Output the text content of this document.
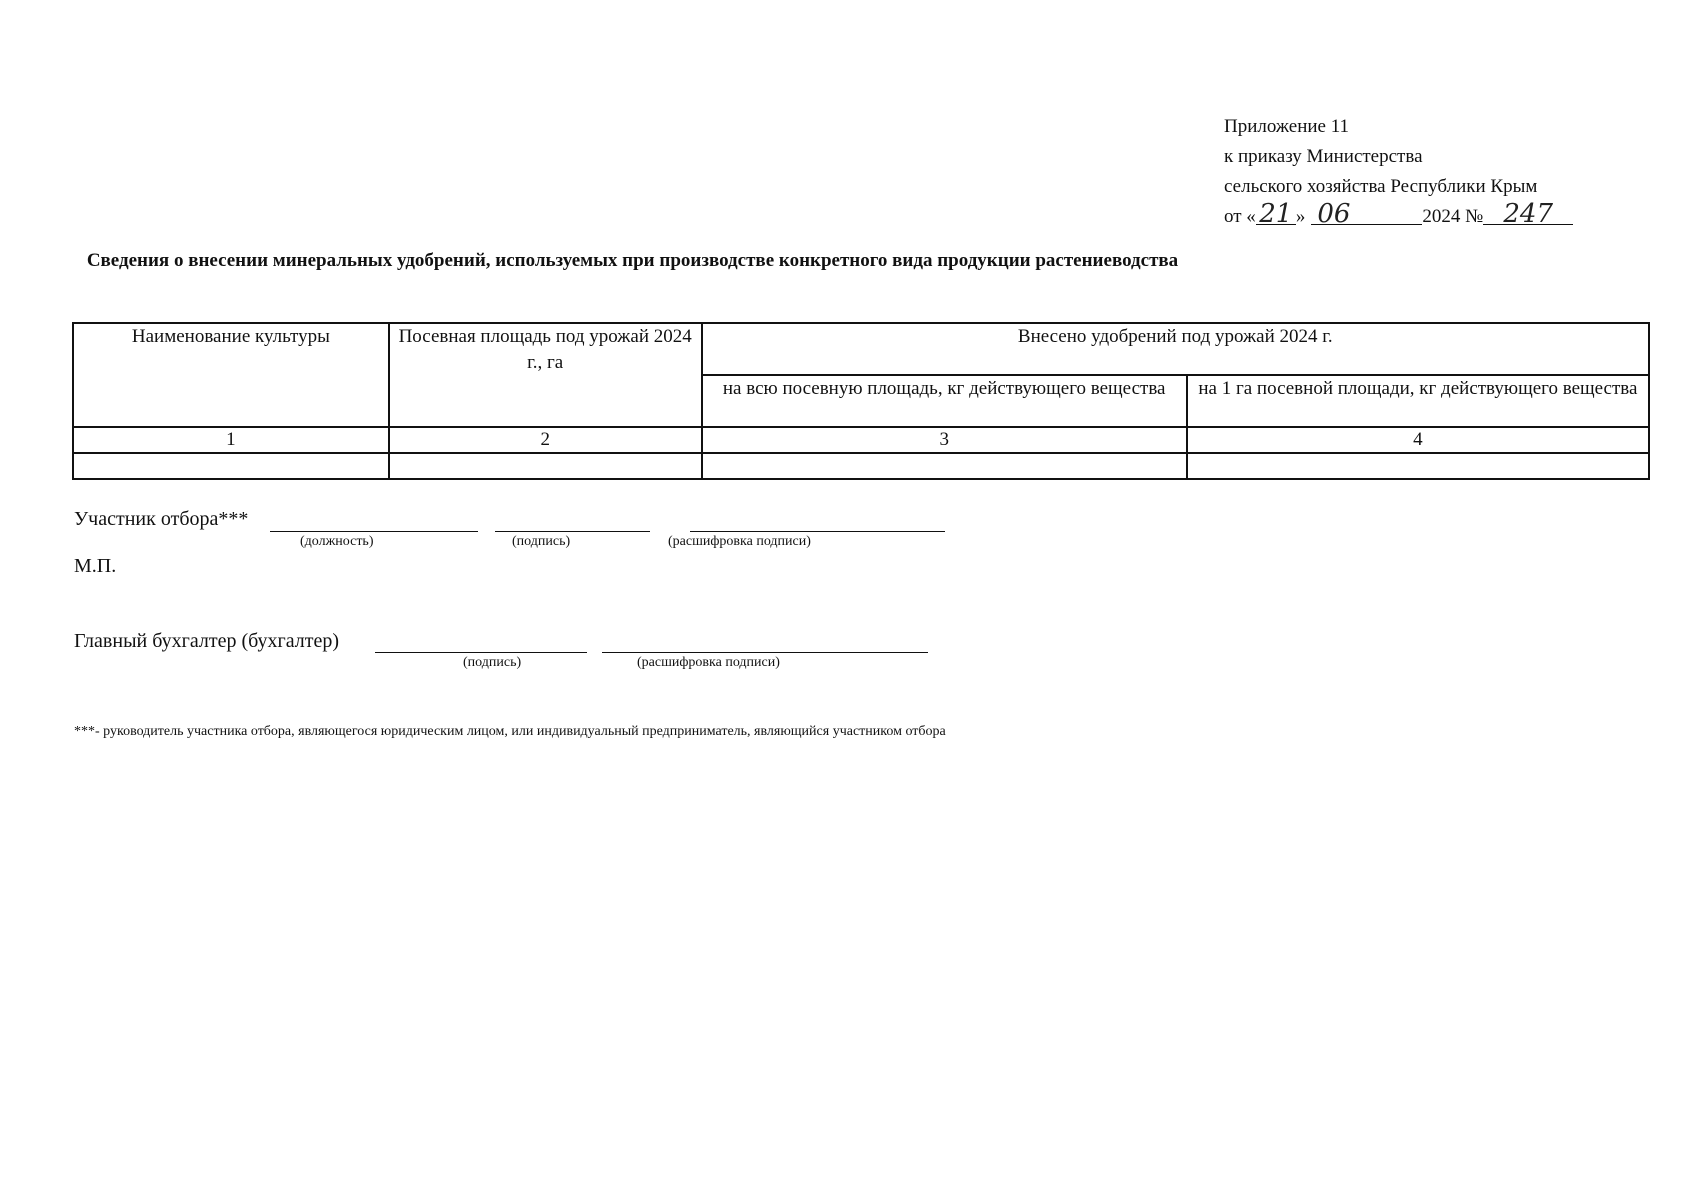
Приложение 11
к приказу Министерства
сельского хозяйства Республики Крым
от « 21 » 06	2024 № 247
Сведения о внесении минеральных удобрений, используемых при производстве конкретного вида продукции растениеводства
Наименование культуры	Посевная площадь под урожай 2024 г., га	Внесено удобрений под урожай 2024 г.	
		на всю посевную площадь, кг действующего вещества	на 1 га посевной площади, кг действующего вещества
1	2	3	4

Участник отбора***
(должность)	(подпись)	(расшифровка подписи)
М.П.
Главный бухгалтер (бухгалтер)
(подпись)	(расшифровка подписи)
***- руководитель участника отбора, являющегося юридическим лицом, или индивидуальный предприниматель, являющийся участником отбора
